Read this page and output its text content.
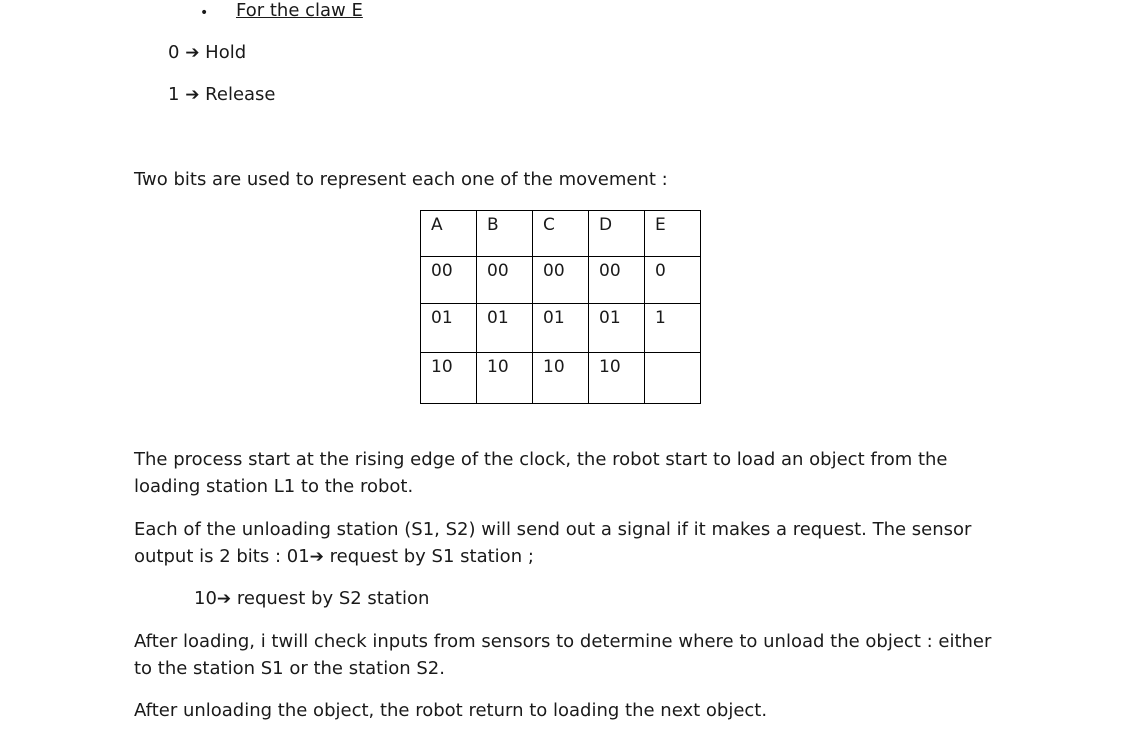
• For the claw E
0 ➔ Hold
1 ➔ Release
Two bits are used to represent each one of the movement :
A	B	C	D	E
00	00	00	00	0
01	01	01	01	1
10	10	10	10	
The process start at the rising edge of the clock, the robot start to load an object from the loading station L1 to the robot.
Each of the unloading station (S1, S2) will send out a signal if it makes a request. The sensor output is 2 bits : 01➔ request by S1 station ;
10➔ request by S2 station
After loading, i twill check inputs from sensors to determine where to unload the object : either to the station S1 or the station S2.
After unloading the object, the robot return to loading the next object.
